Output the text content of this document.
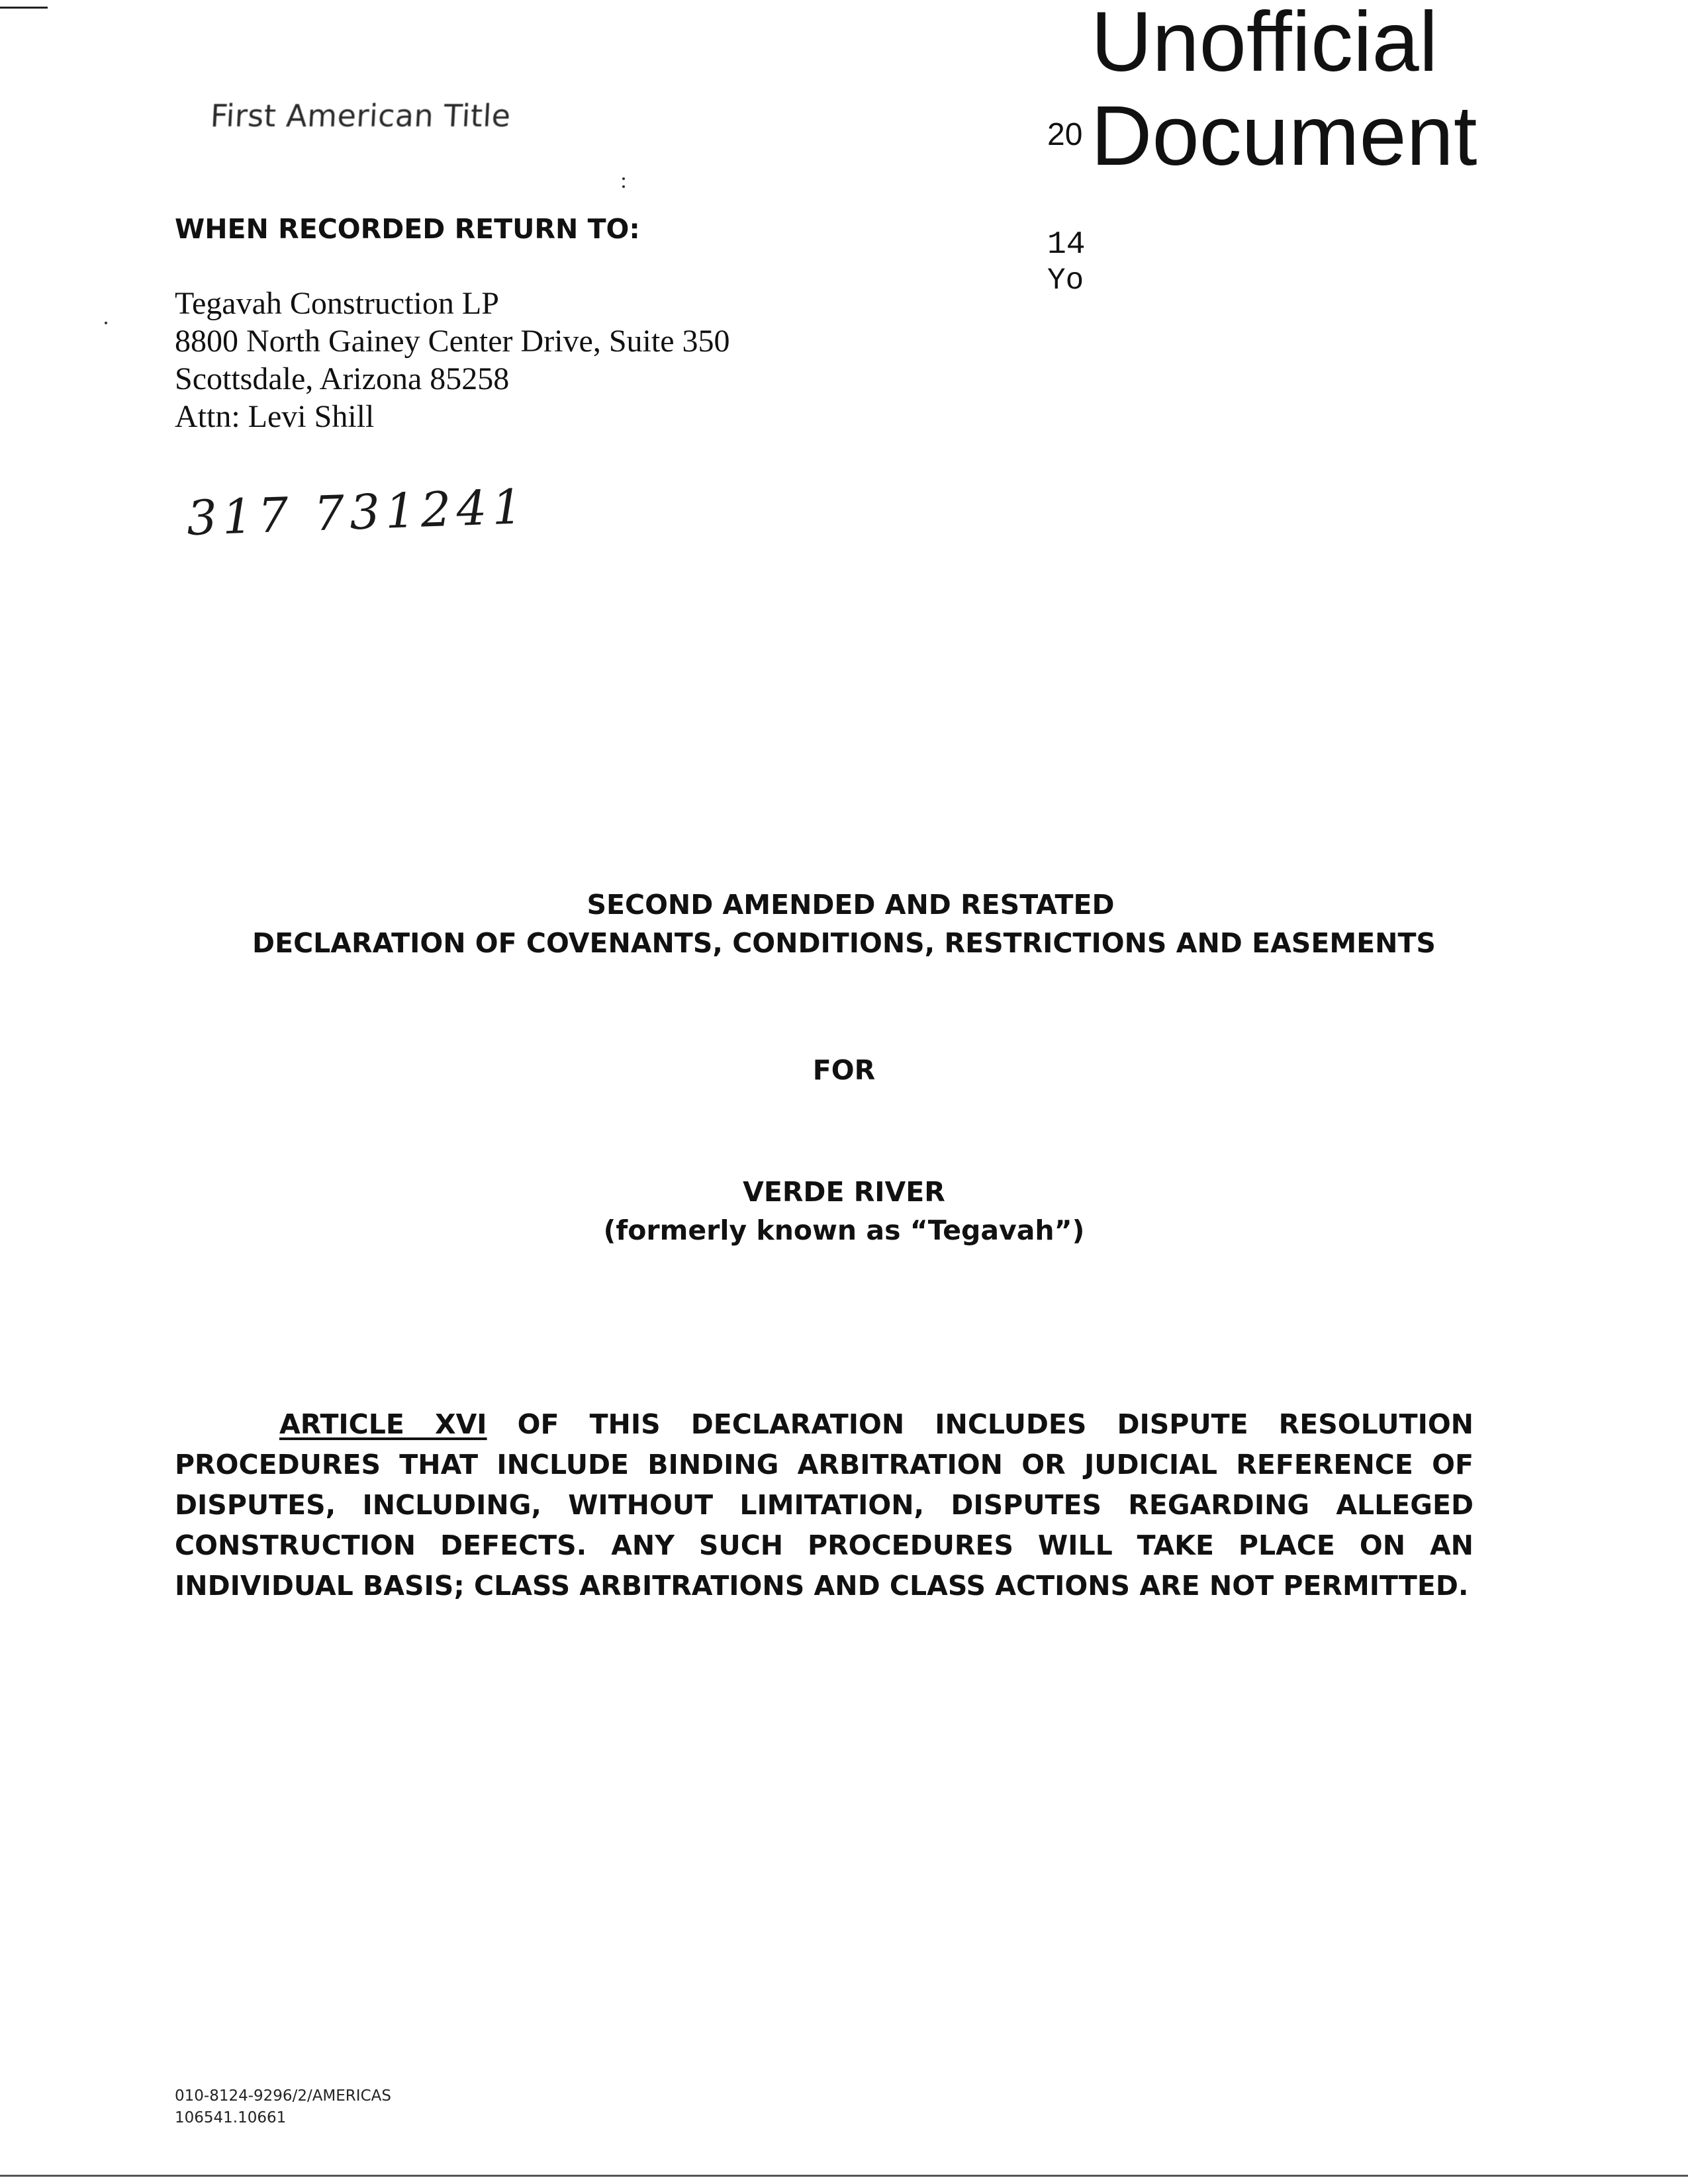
First American Title
Unofficial
Document
20
14
Yo
WHEN RECORDED RETURN TO:
Tegavah Construction LP
8800 North Gainey Center Drive, Suite 350
Scottsdale, Arizona 85258
Attn: Levi Shill
317 731241
SECOND AMENDED AND RESTATED
DECLARATION OF COVENANTS, CONDITIONS, RESTRICTIONS AND EASEMENTS
FOR
VERDE RIVER
(formerly known as “Tegavah”)
ARTICLE XVI OF THIS DECLARATION INCLUDES DISPUTE RESOLUTION PROCEDURES THAT INCLUDE BINDING ARBITRATION OR JUDICIAL REFERENCE OF DISPUTES, INCLUDING, WITHOUT LIMITATION, DISPUTES REGARDING ALLEGED CONSTRUCTION DEFECTS. ANY SUCH PROCEDURES WILL TAKE PLACE ON AN INDIVIDUAL BASIS; CLASS ARBITRATIONS AND CLASS ACTIONS ARE NOT PERMITTED.
010-8124-9296/2/AMERICAS
106541.10661
